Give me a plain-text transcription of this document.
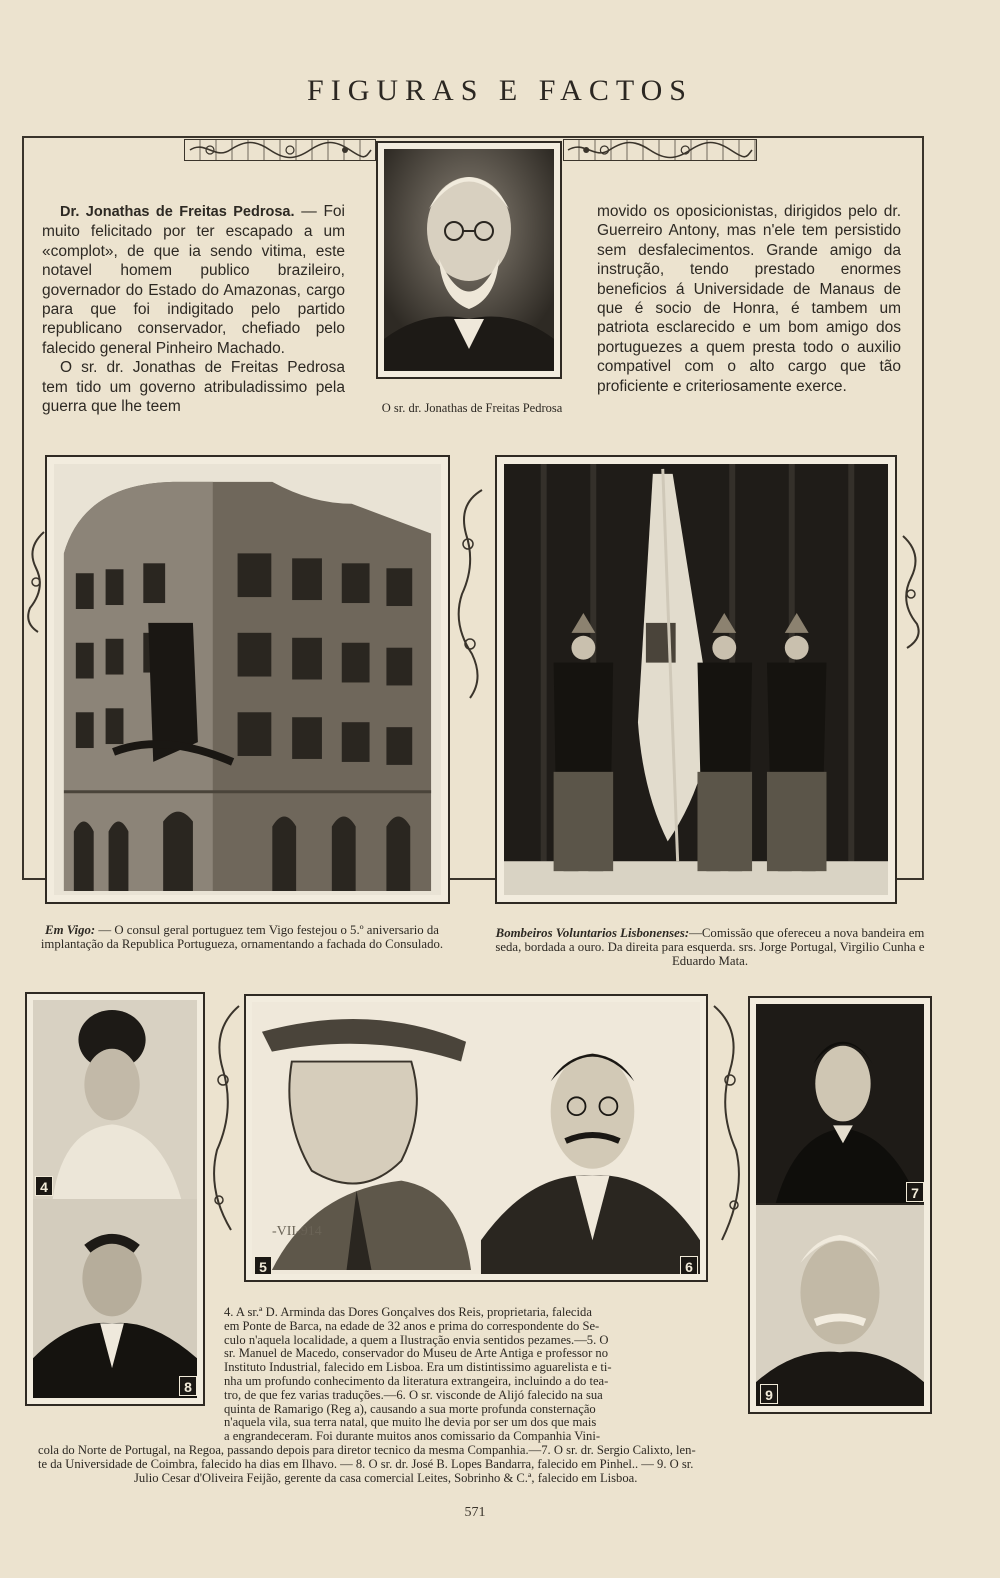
FIGURAS E FACTOS

Dr. Jonathas de Freitas Pedrosa. — Foi muito felicitado por ter escapado a um «complot», de que ia sendo vitima, este notavel homem publico brazileiro, governador do Estado do Amazonas, cargo para que foi indigitado pelo partido republicano conservador, chefiado pelo falecido general Pinheiro Machado.

O sr. dr. Jonathas de Freitas Pedrosa tem tido um governo atribuladissimo pela guerra que lhe teem	O sr. dr. Jonathas de Freitas Pedrosa
movido os oposicionistas, dirigidos pelo dr. Guerreiro Antony, mas n'ele tem persistido sem desfalecimentos. Grande amigo da instrução, tendo prestado enormes beneficios á Universidade de Manaus de que é socio de Honra, é tambem um patriota esclarecido e um bom amigo dos portuguezes a quem presta todo o auxilio compativel com o alto cargo que tão proficiente e criteriosamente exerce.
Em Vigo: — O consul geral portuguez tem Vigo festejou o 5.º aniversario da implantação da Republica Portugueza, ornamentando a fachada do Consulado.
Bombeiros Voluntarios Lisbonenses:—Comissão que ofereceu a nova bandeira em seda, bordada a ouro. Da direita para esquerda. srs. Jorge Portugal, Virgilio Cunha e Eduardo Mata.
4
8
-VII-914
5	6
7
9
4. A sr.ª D. Arminda das Dores Gonçalves dos Reis, proprietaria, falecida
em Ponte de Barca, na edade de 32 anos e prima do correspondente do Se-
culo n'aquela localidade, a quem a Ilustração envia sentidos pezames.—5. O
sr. Manuel de Macedo, conservador do Museu de Arte Antiga e professor no
Instituto Industrial, falecido em Lisboa. Era um distintissimo aguarelista e ti-
nha um profundo conhecimento da literatura extrangeira, incluindo a do tea-
tro, de que fez varias traduções.—6. O sr. visconde de Alijó falecido na sua
quinta de Ramarigo (Reg a), causando a sua morte profunda consternação
n'aquela vila, sua terra natal, que muito lhe devia por ser um dos que mais
a engrandeceram. Foi durante muitos anos comissario da Companhia Vini-
cola do Norte de Portugal, na Regoa, passando depois para diretor tecnico da mesma Companhia.—7. O sr. dr. Sergio Calixto, len-
te da Universidade de Coimbra, falecido ha dias em Ilhavo. — 8. O sr. dr. José B. Lopes Bandarra, falecido em Pinhel.. — 9. O sr.
Julio Cesar d'Oliveira Feijão, gerente da casa comercial Leites, Sobrinho & C.ª, falecido em Lisboa.
571
